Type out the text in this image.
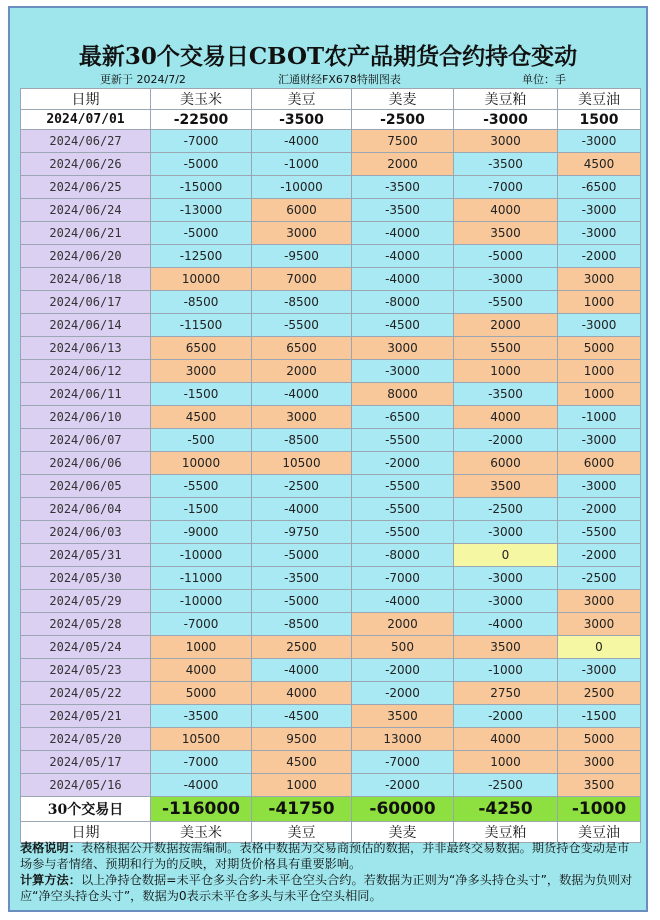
最新30个交易日CBOT农产品期货合约持仓变动
更新于 2024/7/2	汇通财经FX678特制图表	单位：手
日期	美玉米	美豆	美麦	美豆粕	美豆油
2024/07/01	-22500	-3500	-2500	-3000	1500
2024/06/27	-7000	-4000	7500	3000	-3000
2024/06/26	-5000	-1000	2000	-3500	4500
2024/06/25	-15000	-10000	-3500	-7000	-6500
2024/06/24	-13000	6000	-3500	4000	-3000
2024/06/21	-5000	3000	-4000	3500	-3000
2024/06/20	-12500	-9500	-4000	-5000	-2000
2024/06/18	10000	7000	-4000	-3000	3000
2024/06/17	-8500	-8500	-8000	-5500	1000
2024/06/14	-11500	-5500	-4500	2000	-3000
2024/06/13	6500	6500	3000	5500	5000
2024/06/12	3000	2000	-3000	1000	1000
2024/06/11	-1500	-4000	8000	-3500	1000
2024/06/10	4500	3000	-6500	4000	-1000
2024/06/07	-500	-8500	-5500	-2000	-3000
2024/06/06	10000	10500	-2000	6000	6000
2024/06/05	-5500	-2500	-5500	3500	-3000
2024/06/04	-1500	-4000	-5500	-2500	-2000
2024/06/03	-9000	-9750	-5500	-3000	-5500
2024/05/31	-10000	-5000	-8000	0	-2000
2024/05/30	-11000	-3500	-7000	-3000	-2500
2024/05/29	-10000	-5000	-4000	-3000	3000
2024/05/28	-7000	-8500	2000	-4000	3000
2024/05/24	1000	2500	500	3500	0
2024/05/23	4000	-4000	-2000	-1000	-3000
2024/05/22	5000	4000	-2000	2750	2500
2024/05/21	-3500	-4500	3500	-2000	-1500
2024/05/20	10500	9500	13000	4000	5000
2024/05/17	-7000	4500	-7000	1000	3000
2024/05/16	-4000	1000	-2000	-2500	3500
30个交易日	-116000	-41750	-60000	-4250	-1000
日期	美玉米	美豆	美麦	美豆粕	美豆油

表格说明：表格根据公开数据按需编制。表格中数据为交易商预估的数据，并非最终交易数据。期货持仓变动是市场参与者情绪、预期和行为的反映，对期货价格具有重要影响。

计算方法：以上净持仓数据=未平仓多头合约-未平仓空头合约。若数据为正则为“净多头持仓头寸”，数据为负则对应“净空头持仓头寸”，数据为0表示未平仓多头与未平仓空头相同。
